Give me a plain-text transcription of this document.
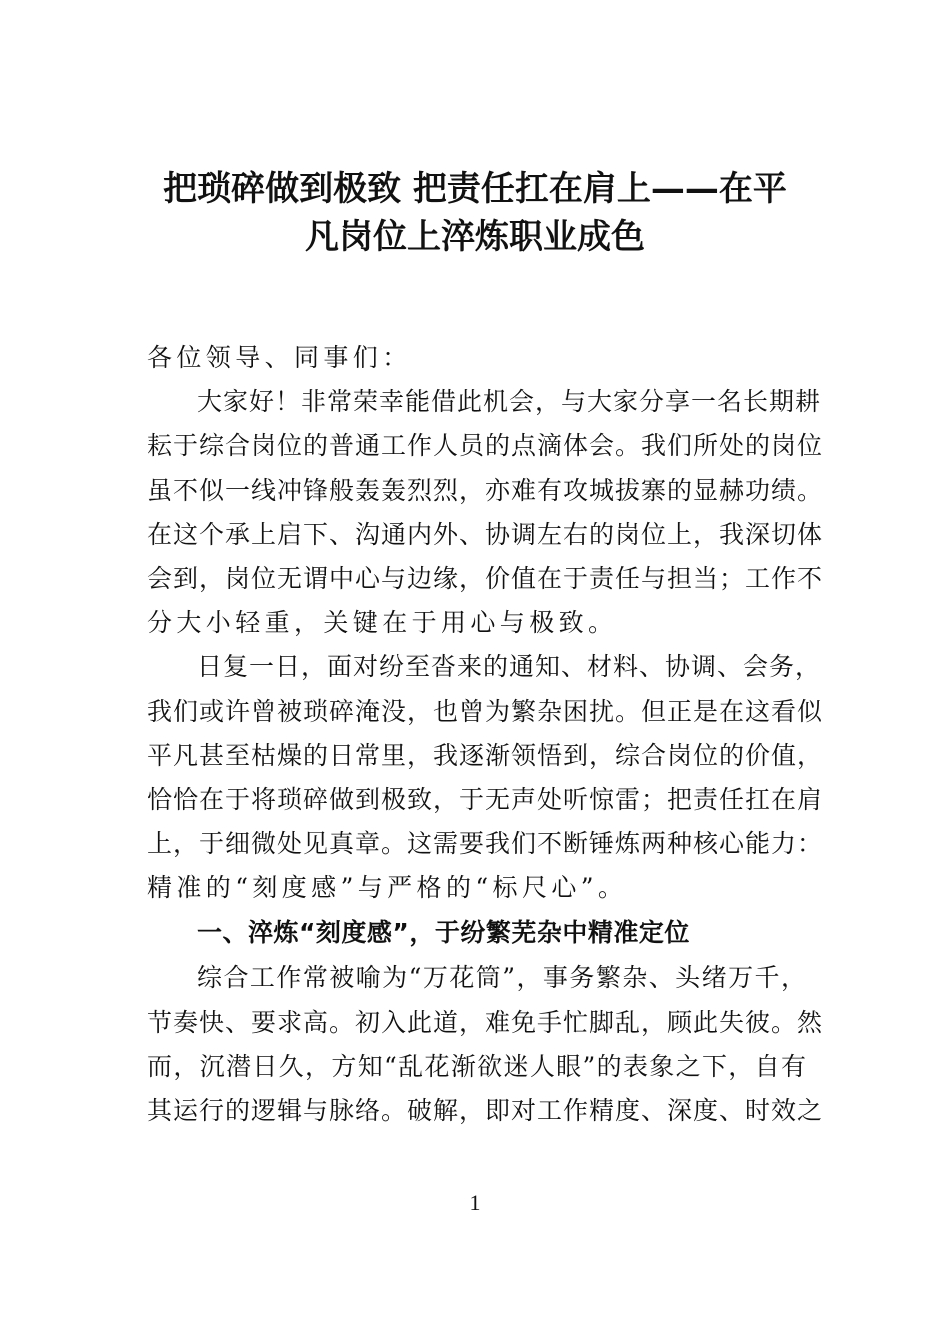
把琐碎做到极致 把责任扛在肩上——在平
凡岗位上淬炼职业成色
各位领导、同事们：
大家好！非常荣幸能借此机会，与大家分享一名长期耕
耘于综合岗位的普通工作人员的点滴体会。我们所处的岗位
虽不似一线冲锋般轰轰烈烈，亦难有攻城拔寨的显赫功绩。
在这个承上启下、沟通内外、协调左右的岗位上，我深切体
会到，岗位无谓中心与边缘，价值在于责任与担当；工作不
分大小轻重，关键在于用心与极致。
日复一日，面对纷至沓来的通知、材料、协调、会务，
我们或许曾被琐碎淹没，也曾为繁杂困扰。但正是在这看似
平凡甚至枯燥的日常里，我逐渐领悟到，综合岗位的价值，
恰恰在于将琐碎做到极致，于无声处听惊雷；把责任扛在肩
上，于细微处见真章。这需要我们不断锤炼两种核心能力：
精准的“刻度感”与严格的“标尺心”。
一、淬炼“刻度感”，于纷繁芜杂中精准定位
综合工作常被喻为“万花筒”，事务繁杂、头绪万千，
节奏快、要求高。初入此道，难免手忙脚乱，顾此失彼。然
而，沉潜日久，方知“乱花渐欲迷人眼”的表象之下，自有
其运行的逻辑与脉络。破解，即对工作精度、深度、时效之
1
